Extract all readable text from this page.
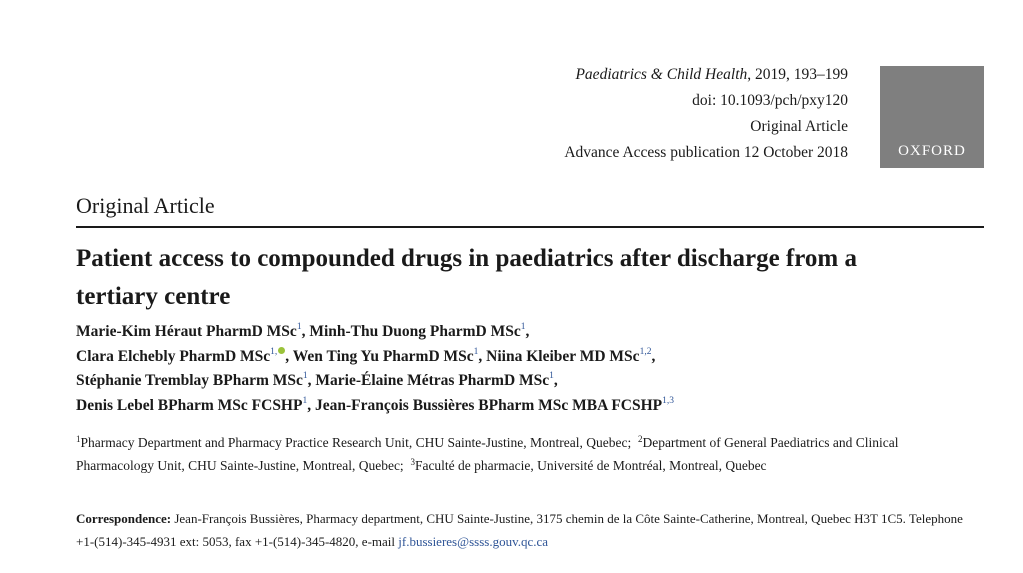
Paediatrics & Child Health, 2019, 193–199
doi: 10.1093/pch/pxy120
Original Article
Advance Access publication 12 October 2018	OXFORD
Original Article
Patient access to compounded drugs in paediatrics after discharge from a tertiary centre
Marie-Kim Héraut PharmD MSc$^1$, Minh-Thu Duong PharmD MSc$^1$,
Clara Elchebly PharmD MSc$^{1,}$ , Wen Ting Yu PharmD MSc$^1$, Niina Kleiber MD MSc$^{1,2}$,
Stéphanie Tremblay BPharm MSc$^1$, Marie-Élaine Métras PharmD MSc$^1$,
Denis Lebel BPharm MSc FCSHP$^1$, Jean-François Bussières BPharm MSc MBA FCSHP$^{1,3}$
$^1$Pharmacy Department and Pharmacy Practice Research Unit, CHU Sainte-Justine, Montreal, Quebec; $^2$Department of General Paediatrics and Clinical Pharmacology Unit, CHU Sainte-Justine, Montreal, Quebec; $^3$Faculté de pharmacie, Université de Montréal, Montreal, Quebec
Correspondence: Jean-François Bussières, Pharmacy department, CHU Sainte-Justine, 3175 chemin de la Côte Sainte-Catherine, Montreal, Quebec H3T 1C5. Telephone +1-(514)-345-4931 ext: 5053, fax +1-(514)-345-4820, e-mail jf.bussieres@ssss.gouv.qc.ca
